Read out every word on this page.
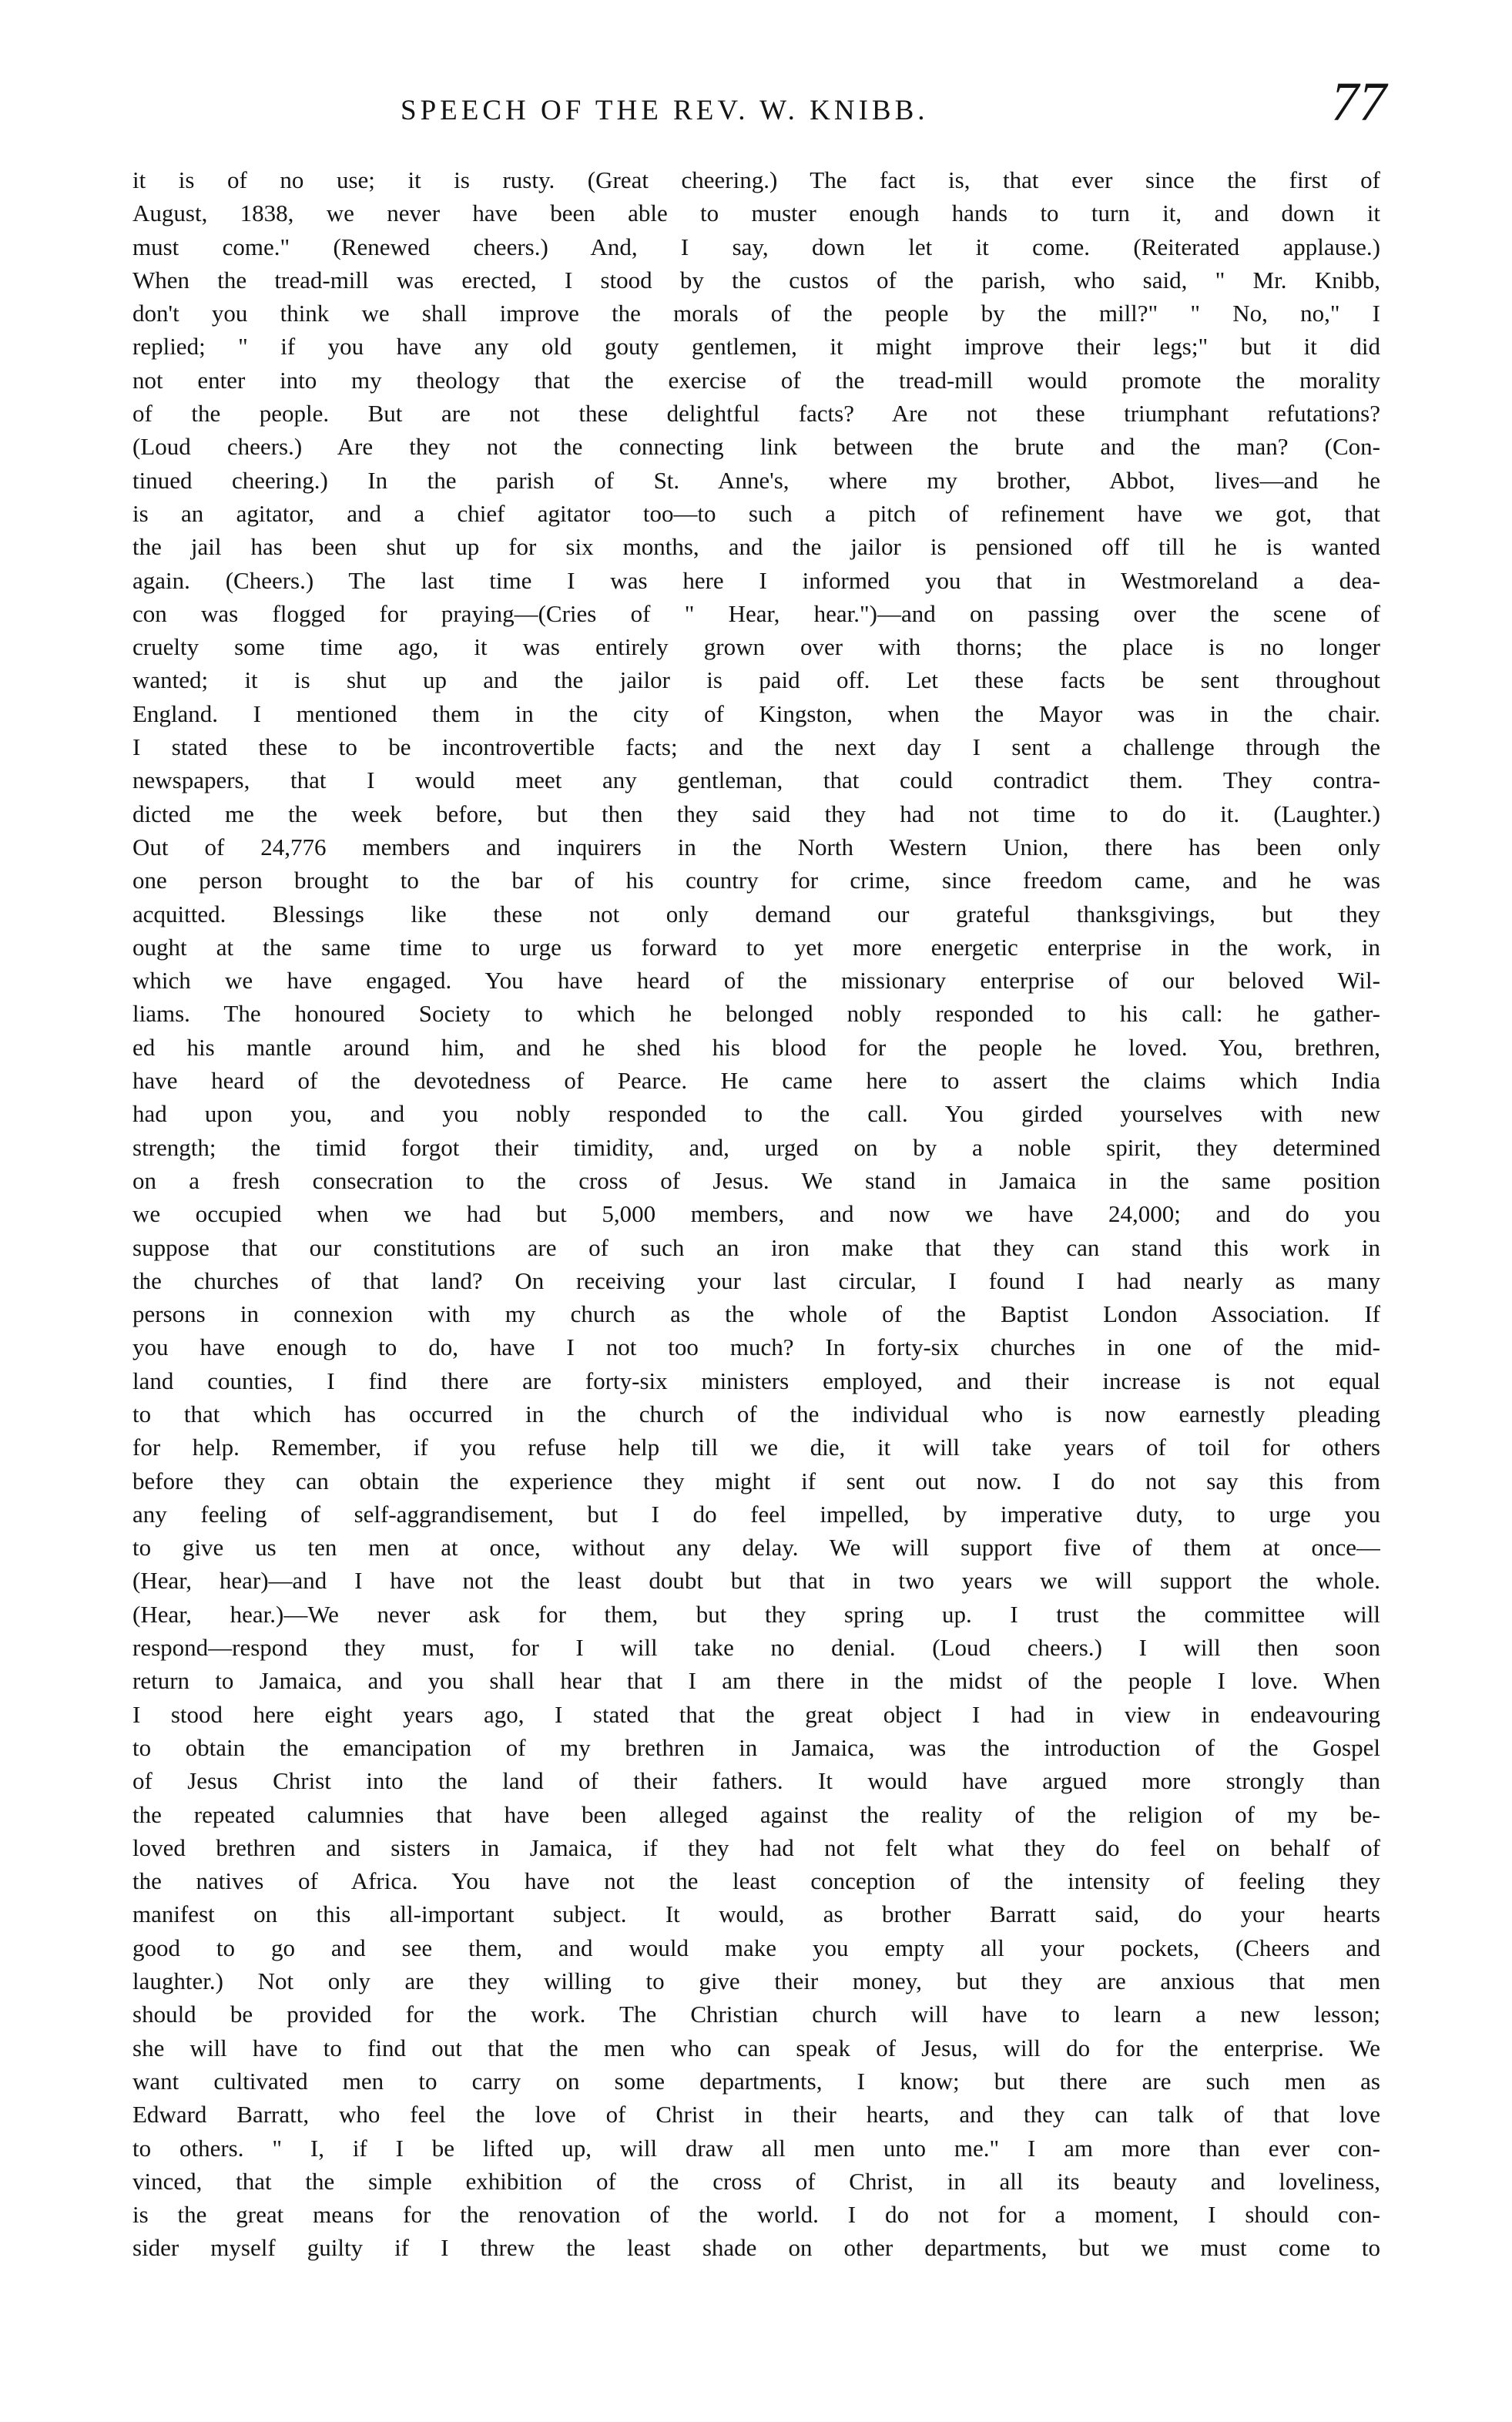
SPEECH OF THE REV. W. KNIBB.	77
it is of no use; it is rusty. (Great cheering.) The fact is, that ever since the first of
August, 1838, we never have been able to muster enough hands to turn it, and down it
must come." (Renewed cheers.) And, I say, down let it come. (Reiterated applause.)
When the tread-mill was erected, I stood by the custos of the parish, who said, " Mr. Knibb,
don't you think we shall improve the morals of the people by the mill?" " No, no," I
replied; " if you have any old gouty gentlemen, it might improve their legs;" but it did
not enter into my theology that the exercise of the tread-mill would promote the morality
of the people. But are not these delightful facts? Are not these triumphant refutations?
(Loud cheers.) Are they not the connecting link between the brute and the man? (Con-
tinued cheering.) In the parish of St. Anne's, where my brother, Abbot, lives—and he
is an agitator, and a chief agitator too—to such a pitch of refinement have we got, that
the jail has been shut up for six months, and the jailor is pensioned off till he is wanted
again. (Cheers.) The last time I was here I informed you that in Westmoreland a dea-
con was flogged for praying—(Cries of " Hear, hear.")—and on passing over the scene of
cruelty some time ago, it was entirely grown over with thorns; the place is no longer
wanted; it is shut up and the jailor is paid off. Let these facts be sent throughout
England. I mentioned them in the city of Kingston, when the Mayor was in the chair.
I stated these to be incontrovertible facts; and the next day I sent a challenge through the
newspapers, that I would meet any gentleman, that could contradict them. They contra-
dicted me the week before, but then they said they had not time to do it. (Laughter.)
Out of 24,776 members and inquirers in the North Western Union, there has been only
one person brought to the bar of his country for crime, since freedom came, and he was
acquitted. Blessings like these not only demand our grateful thanksgivings, but they
ought at the same time to urge us forward to yet more energetic enterprise in the work, in
which we have engaged. You have heard of the missionary enterprise of our beloved Wil-
liams. The honoured Society to which he belonged nobly responded to his call: he gather-
ed his mantle around him, and he shed his blood for the people he loved. You, brethren,
have heard of the devotedness of Pearce. He came here to assert the claims which India
had upon you, and you nobly responded to the call. You girded yourselves with new
strength; the timid forgot their timidity, and, urged on by a noble spirit, they determined
on a fresh consecration to the cross of Jesus. We stand in Jamaica in the same position
we occupied when we had but 5,000 members, and now we have 24,000; and do you
suppose that our constitutions are of such an iron make that they can stand this work in
the churches of that land? On receiving your last circular, I found I had nearly as many
persons in connexion with my church as the whole of the Baptist London Association. If
you have enough to do, have I not too much? In forty-six churches in one of the mid-
land counties, I find there are forty-six ministers employed, and their increase is not equal
to that which has occurred in the church of the individual who is now earnestly pleading
for help. Remember, if you refuse help till we die, it will take years of toil for others
before they can obtain the experience they might if sent out now. I do not say this from
any feeling of self-aggrandisement, but I do feel impelled, by imperative duty, to urge you
to give us ten men at once, without any delay. We will support five of them at once—
(Hear, hear)—and I have not the least doubt but that in two years we will support the whole.
(Hear, hear.)—We never ask for them, but they spring up. I trust the committee will
respond—respond they must, for I will take no denial. (Loud cheers.) I will then soon
return to Jamaica, and you shall hear that I am there in the midst of the people I love. When
I stood here eight years ago, I stated that the great object I had in view in endeavouring
to obtain the emancipation of my brethren in Jamaica, was the introduction of the Gospel
of Jesus Christ into the land of their fathers. It would have argued more strongly than
the repeated calumnies that have been alleged against the reality of the religion of my be-
loved brethren and sisters in Jamaica, if they had not felt what they do feel on behalf of
the natives of Africa. You have not the least conception of the intensity of feeling they
manifest on this all-important subject. It would, as brother Barratt said, do your hearts
good to go and see them, and would make you empty all your pockets, (Cheers and
laughter.) Not only are they willing to give their money, but they are anxious that men
should be provided for the work. The Christian church will have to learn a new lesson;
she will have to find out that the men who can speak of Jesus, will do for the enterprise. We
want cultivated men to carry on some departments, I know; but there are such men as
Edward Barratt, who feel the love of Christ in their hearts, and they can talk of that love
to others. " I, if I be lifted up, will draw all men unto me." I am more than ever con-
vinced, that the simple exhibition of the cross of Christ, in all its beauty and loveliness,
is the great means for the renovation of the world. I do not for a moment, I should con-
sider myself guilty if I threw the least shade on other departments, but we must come to
